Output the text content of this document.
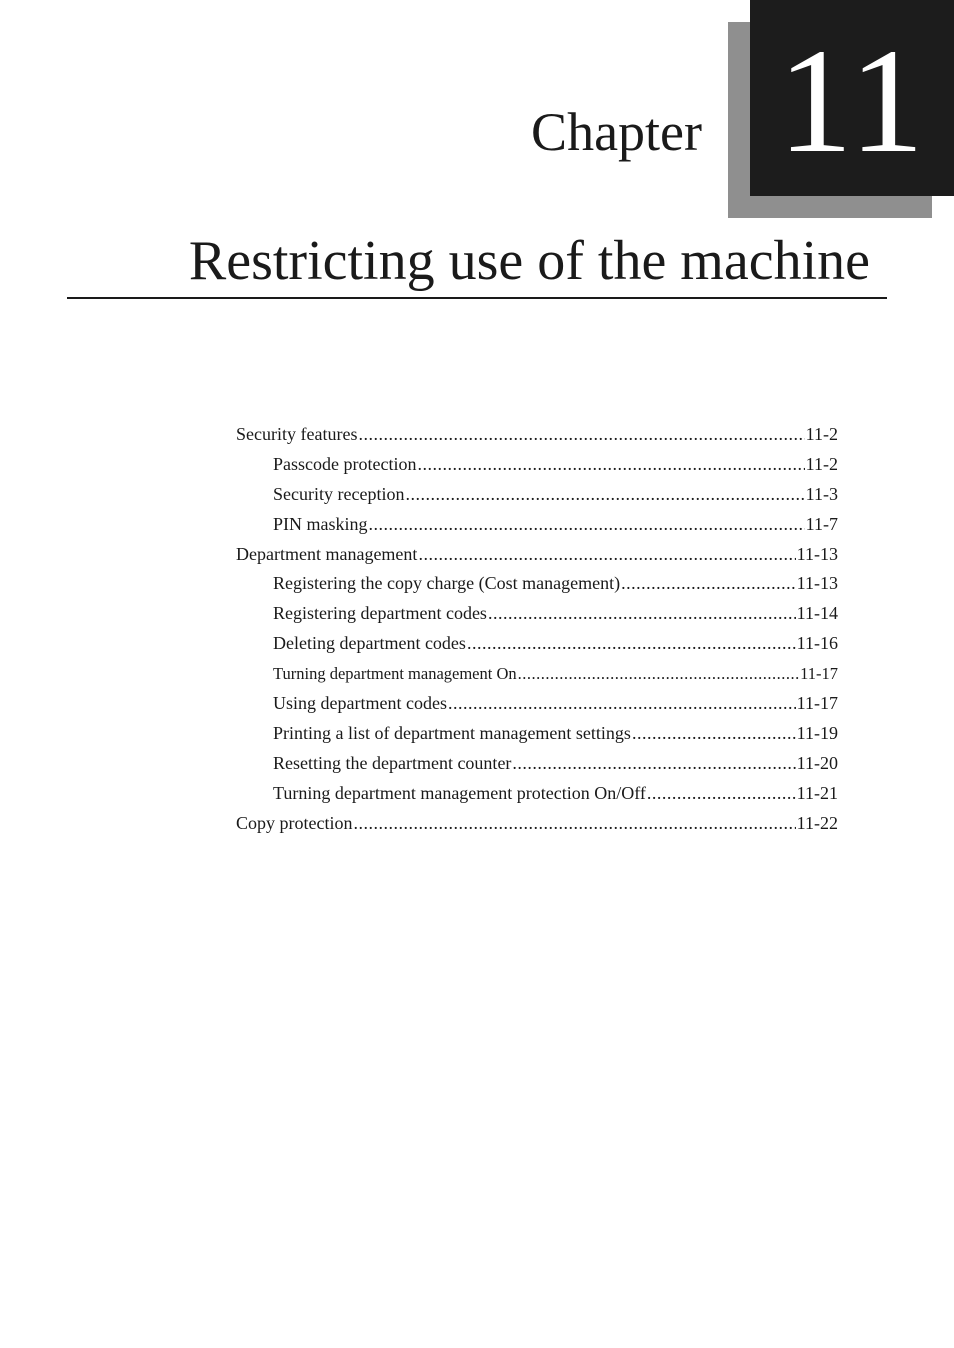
11
Chapter
Restricting use of the machine
Security features .....	11-2
Passcode protection .....	11-2
Security reception .....	11-3
PIN masking .....	11-7
Department management .....	11-13
Registering the copy charge (Cost management) .....	11-13
Registering department codes .....	11-14
Deleting department codes .....	11-16
Turning department management On .....	11-17
Using department codes .....	11-17
Printing a list of department management settings .....	11-19
Resetting the department counter .....	11-20
Turning department management protection On/Off .....	11-21
Copy protection .....	11-22
